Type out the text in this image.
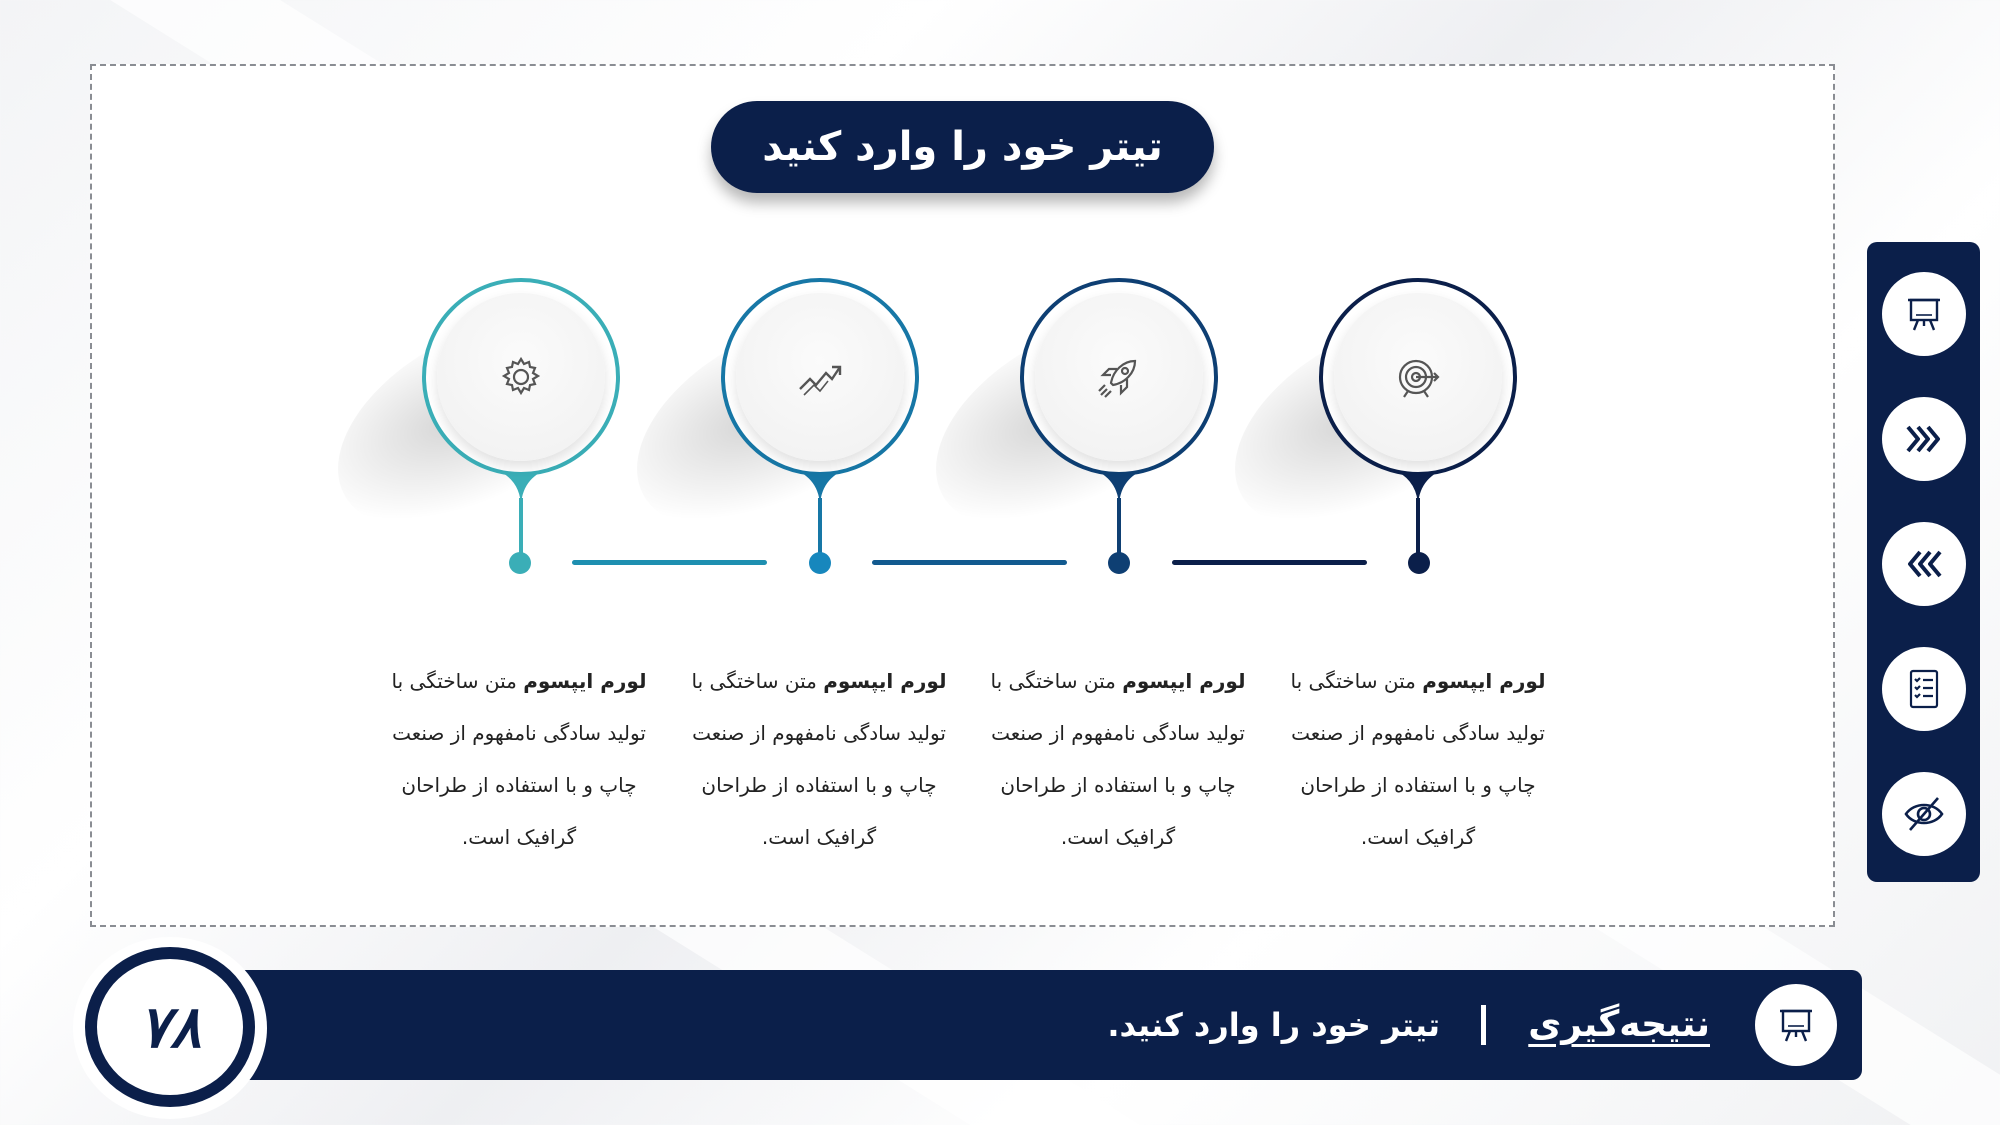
تیتر خود را وارد کنید
لورم ایپسوم متن ساختگی با
تولید سادگی نامفهوم از صنعت
چاپ و با استفاده از طراحان
گرافیک است.
لورم ایپسوم متن ساختگی با
تولید سادگی نامفهوم از صنعت
چاپ و با استفاده از طراحان
گرافیک است.
لورم ایپسوم متن ساختگی با
تولید سادگی نامفهوم از صنعت
چاپ و با استفاده از طراحان
گرافیک است.
لورم ایپسوم متن ساختگی با
تولید سادگی نامفهوم از صنعت
چاپ و با استفاده از طراحان
گرافیک است.
۷۸	نتیجه‌گیری
تیتر خود را وارد کنید.
